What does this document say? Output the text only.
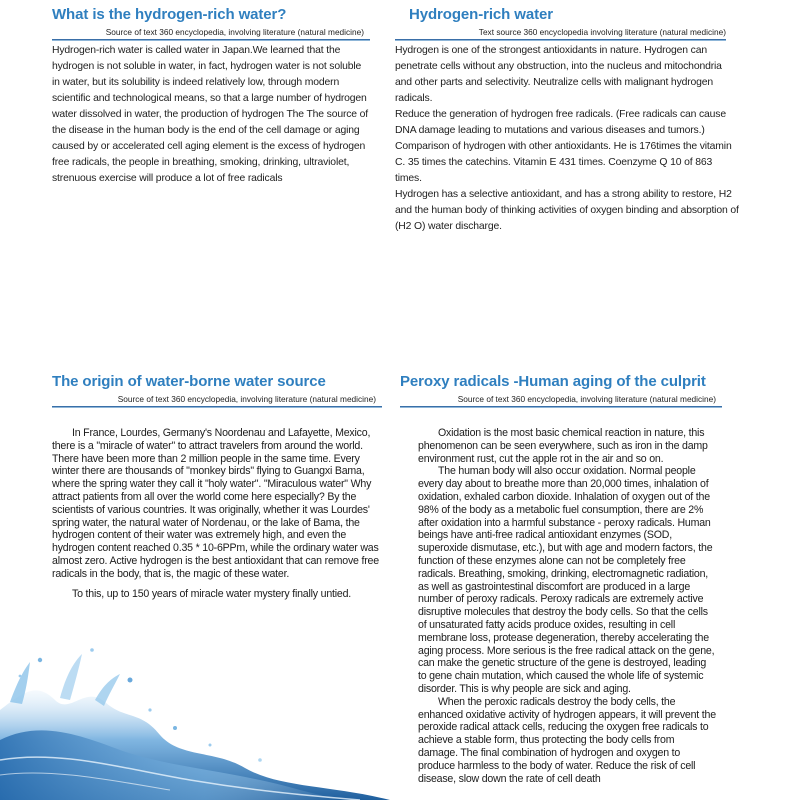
What is the hydrogen-rich water?
Source of text 360 encyclopedia, involving literature (natural medicine)

Hydrogen-rich water is called water in Japan.We learned that the hydrogen is not soluble in water, in fact, hydrogen water is not soluble in water, but its solubility is indeed relatively low, through modern scientific and technological means, so that a large number of hydrogen water dissolved in water, the production of hydrogen The The source of the disease in the human body is the end of the cell damage or aging caused by or accelerated cell aging element is the excess of hydrogen free radicals, the people in breathing, smoking, drinking, ultraviolet, strenuous exercise will produce a lot of free radicals

Hydrogen-rich water
Text source 360 encyclopedia involving literature (natural medicine)
Hydrogen is one of the strongest antioxidants in nature. Hydrogen can penetrate cells without any obstruction, into the nucleus and mitochondria and other parts and selectivity. Neutralize cells with malignant hydrogen radicals.
Reduce the generation of hydrogen free radicals. (Free radicals can cause DNA damage leading to mutations and various diseases and tumors.)
Comparison of hydrogen with other antioxidants. He is 176times the vitamin C. 35 times the catechins. Vitamin E 431 times. Coenzyme Q 10 of 863 times.
Hydrogen has a selective antioxidant, and has a strong ability to restore, H2 and the human body of thinking activities of oxygen binding and absorption of (H2 O) water discharge.
The origin of water-borne water source
Source of text 360 encyclopedia, involving literature (natural medicine)

In France, Lourdes, Germany's Noordenau and Lafayette, Mexico, there is a "miracle of water" to attract travelers from around the world. There have been more than 2 million people in the same time. Every winter there are thousands of "monkey birds" flying to Guangxi Bama, where the spring water they call it "holy water". "Miraculous water" Why attract patients from all over the world come here especially? By the scientists of various countries. It was originally, whether it was Lourdes' spring water, the natural water of Nordenau, or the lake of Bama, the hydrogen content of their water was extremely high, and even the hydrogen content reached 0.35 * 10-6PPm, while the ordinary water was almost zero. Active hydrogen is the best antioxidant that can remove free radicals in the body, that is, the magic of these water.

To this, up to 150 years of miracle water mystery finally untied.

Peroxy radicals -Human aging of the culprit
Source of text 360 encyclopedia, involving literature (natural medicine)

Oxidation is the most basic chemical reaction in nature, this phenomenon can be seen everywhere, such as iron in the damp environment rust, cut the apple rot in the air and so on.

The human body will also occur oxidation. Normal people every day about to breathe more than 20,000 times, inhalation of oxidation, exhaled carbon dioxide. Inhalation of oxygen out of the 98% of the body as a metabolic fuel consumption, there are 2% after oxidation into a harmful substance - peroxy radicals. Human beings have anti-free radical antioxidant enzymes (SOD, superoxide dismutase, etc.), but with age and modern factors, the function of these enzymes alone can not be completely free radicals. Breathing, smoking, drinking, electromagnetic radiation, as well as gastrointestinal discomfort are produced in a large number of peroxy radicals. Peroxy radicals are extremely active disruptive molecules that destroy the body cells. So that the cells of unsaturated fatty acids produce oxides, resulting in cell membrane loss, protease degeneration, thereby accelerating the aging process. More serious is the free radical attack on the gene, can make the genetic structure of the gene is destroyed, leading to gene chain mutation, which caused the whole life of systemic disorder. This is why people are sick and aging.

When the peroxic radicals destroy the body cells, the enhanced oxidative activity of hydrogen appears, it will prevent the peroxide radical attack cells, reducing the oxygen free radicals to achieve a stable form, thus protecting the body cells from damage. The final combination of hydrogen and oxygen to produce harmless to the body of water. Reduce the risk of cell disease, slow down the rate of cell death
